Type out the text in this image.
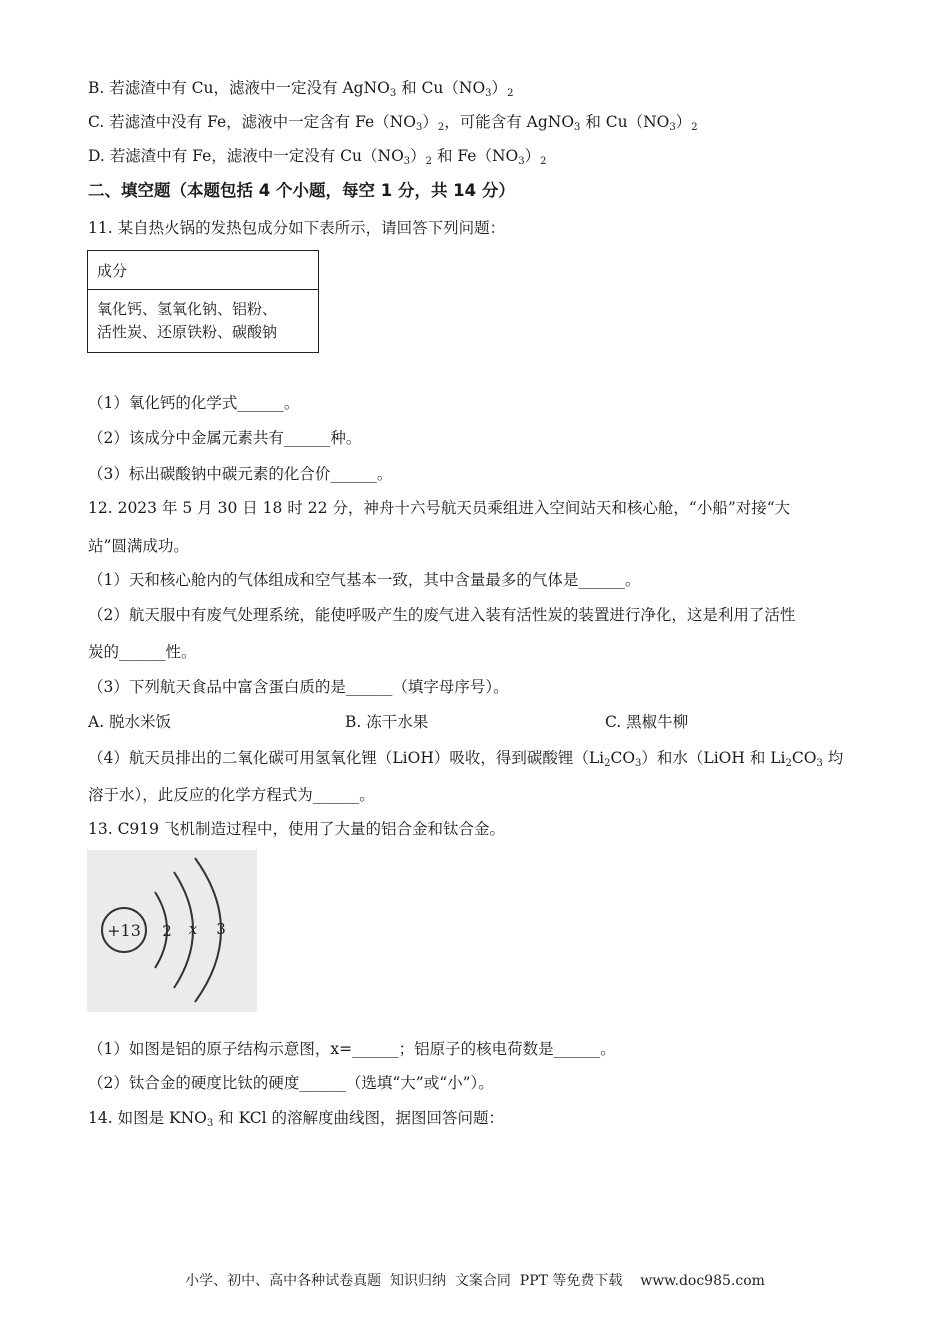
B. 若滤渣中有 Cu，滤液中一定没有 AgNO$_3$ 和 $Cu(NO_3)_2$
C. 若滤渣中没有 Fe，滤液中一定含有 $Fe(NO_3)_2$，可能含有 AgNO$_3$ 和 $Cu(NO_3)_2$
D. 若滤渣中有 Fe，滤液中一定没有 $Cu(NO_3)_2$ 和 $Fe(NO_3)_2$
二、填空题（本题包括 4 个小题，每空 1 分，共 14 分）
11. 某自热火锅的发热包成分如下表所示，请回答下列问题：
成分

氧化钙、氢氧化钠、铝粉、
活性炭、还原铁粉、碳酸钠
（1）氧化钙的化学式______。
（2）该成分中金属元素共有______种。
（3）标出碳酸钠中碳元素的化合价______。
12. 2023 年 5 月 30 日 18 时 22 分，神舟十六号航天员乘组进入空间站天和核心舱，“小船”对接“大
站”圆满成功。
（1）天和核心舱内的气体组成和空气基本一致，其中含量最多的气体是______。
（2）航天服中有废气处理系统，能使呼吸产生的废气进入装有活性炭的装置进行净化，这是利用了活性
炭的______性。
（3）下列航天食品中富含蛋白质的是______（填字母序号）。
A. 脱水米饭	B. 冻干水果	C. 黑椒牛柳
（4）航天员排出的二氧化碳可用氢氧化锂（LiOH）吸收，得到碳酸锂$(Li_2CO_3)$和水（LiOH 和 $Li_2CO_3$ 均
溶于水），此反应的化学方程式为______。
13. C919 飞机制造过程中，使用了大量的铝合金和钛合金。
+13 2 x 3
（1）如图是铝的原子结构示意图，x=______；铝原子的核电荷数是______。
（2）钛合金的硬度比钛的硬度______（选填“大”或“小”）。
14. 如图是 $KNO_3$ 和 KCl 的溶解度曲线图，据图回答问题：
小学、初中、高中各种试卷真题  知识归纳  文案合同  PPT 等免费下载    www.doc985.com
